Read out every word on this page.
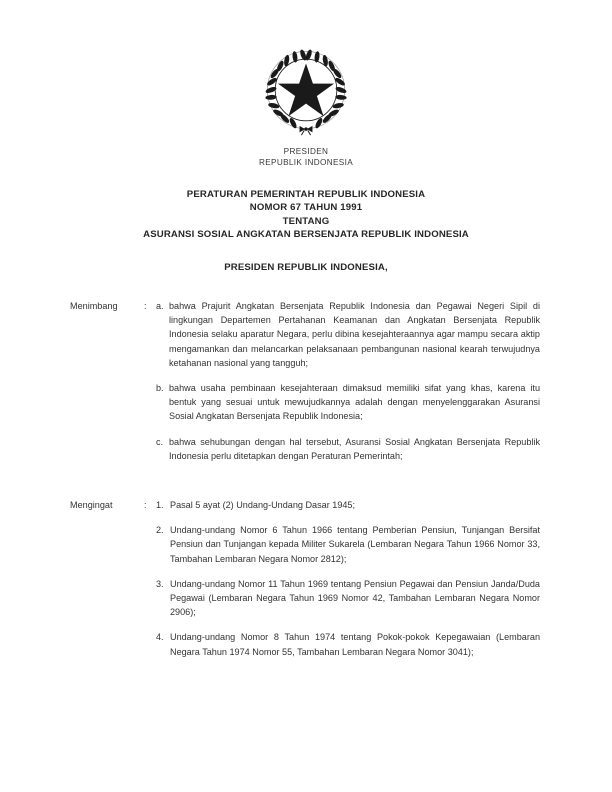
PRESIDEN
REPUBLIK INDONESIA
PERATURAN PEMERINTAH REPUBLIK INDONESIA
NOMOR 67 TAHUN 1991
TENTANG
ASURANSI SOSIAL ANGKATAN BERSENJATA REPUBLIK INDONESIA
PRESIDEN REPUBLIK INDONESIA,
Menimbang	:	a. bahwa Prajurit Angkatan Bersenjata Republik Indonesia dan Pegawai Negeri Sipil di lingkungan Departemen Pertahanan Keamanan dan Angkatan Bersenjata Republik Indonesia selaku aparatur Negara, perlu dibina kesejahteraannya agar mampu secara aktip mengamankan dan melancarkan pelaksanaan pembangunan nasional kearah terwujudnya ketahanan nasional yang tangguh;
b. bahwa usaha pembinaan kesejahteraan dimaksud memiliki sifat yang khas, karena itu bentuk yang sesuai untuk mewujudkannya adalah dengan menyelenggarakan Asuransi Sosial Angkatan Bersenjata Republik Indonesia;
c. bahwa sehubungan dengan hal tersebut, Asuransi Sosial Angkatan Bersenjata Republik Indonesia perlu ditetapkan dengan Peraturan Pemerintah;
Mengingat	:	1. Pasal 5 ayat (2) Undang-Undang Dasar 1945;
2. Undang-undang Nomor 6 Tahun 1966 tentang Pemberian Pensiun, Tunjangan Bersifat Pensiun dan Tunjangan kepada Militer Sukarela (Lembaran Negara Tahun 1966 Nomor 33, Tambahan Lembaran Negara Nomor 2812);
3. Undang-undang Nomor 11 Tahun 1969 tentang Pensiun Pegawai dan Pensiun Janda/Duda Pegawai (Lembaran Negara Tahun 1969 Nomor 42, Tambahan Lembaran Negara Nomor 2906);
4. Undang-undang Nomor 8 Tahun 1974 tentang Pokok-pokok Kepegawaian (Lembaran Negara Tahun 1974 Nomor 55, Tambahan Lembaran Negara Nomor 3041);
